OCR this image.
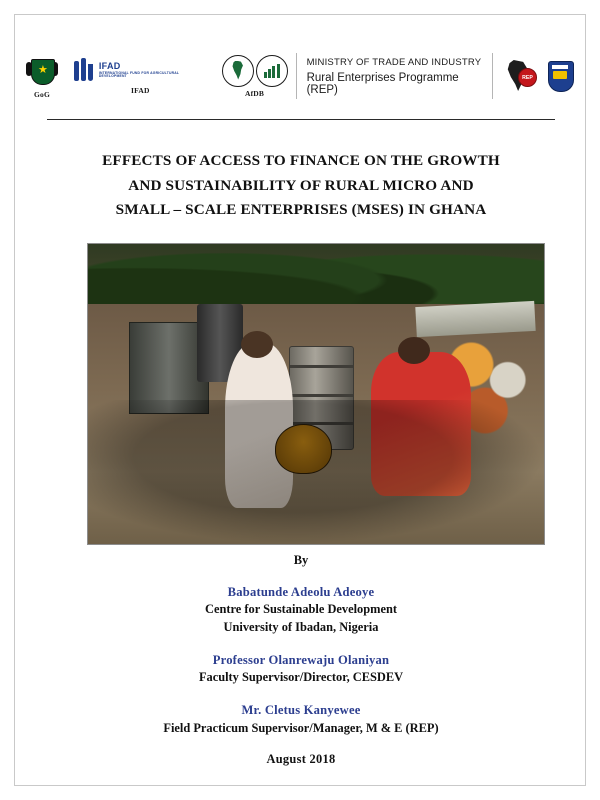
★
GoG
IFAD
INTERNATIONAL FUND FOR AGRICULTURAL DEVELOPMENT
IFAD	AfDB
MINISTRY OF TRADE AND INDUSTRY
Rural Enterprises Programme (REP)
REP
EFFECTS OF ACCESS TO FINANCE ON THE GROWTH
AND SUSTAINABILITY OF RURAL MICRO AND
SMALL – SCALE ENTERPRISES (MSES) IN GHANA
By
Babatunde Adeolu Adeoye
Centre for Sustainable Development
University of Ibadan, Nigeria
Professor Olanrewaju Olaniyan
Faculty Supervisor/Director, CESDEV
Mr. Cletus Kanyewee
Field Practicum Supervisor/Manager, M & E (REP)
August 2018
